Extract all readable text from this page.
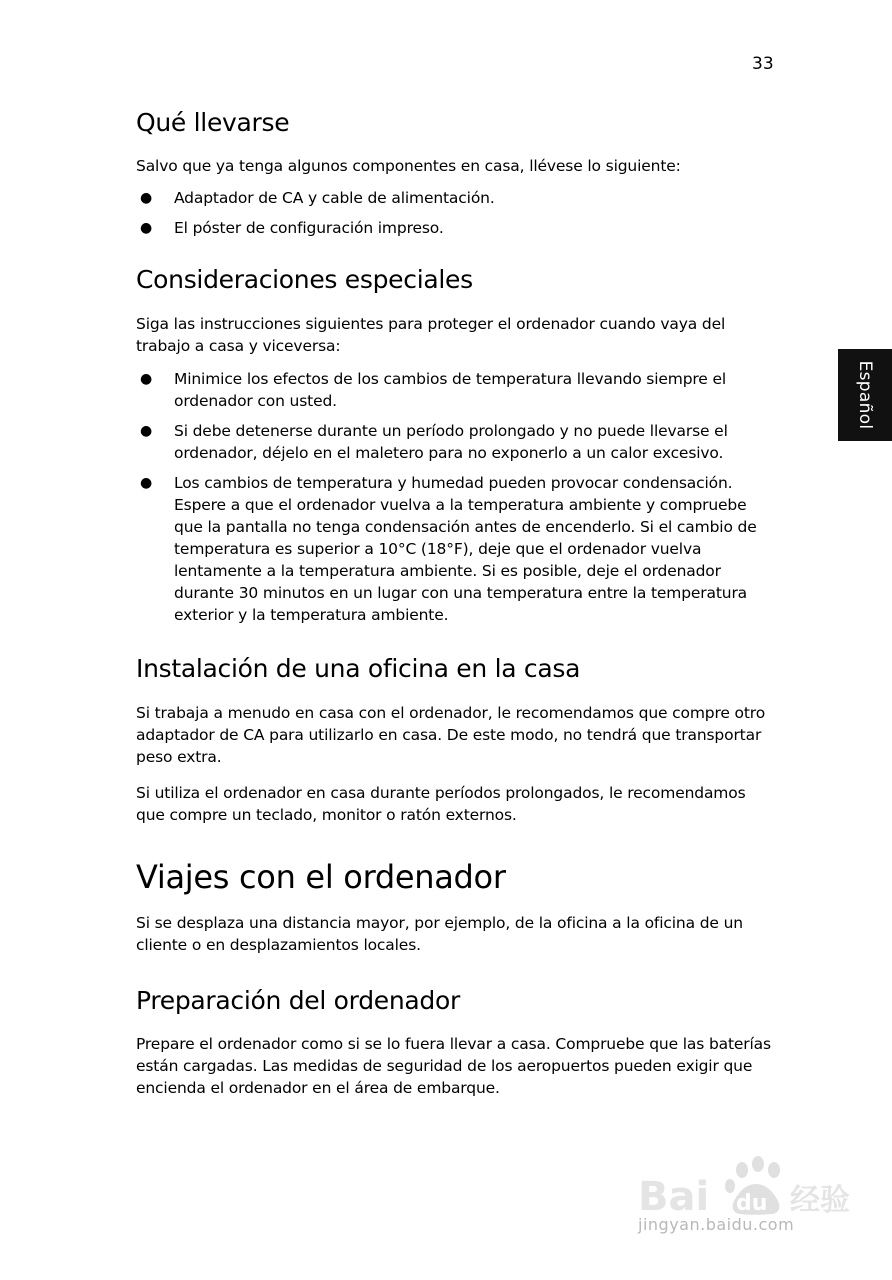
33
Español
Qué llevarse

Salvo que ya tenga algunos componentes en casa, llévese lo siguiente:

● Adaptador de CA y cable de alimentación.
● El póster de configuración impreso.
Consideraciones especiales

Siga las instrucciones siguientes para proteger el ordenador cuando vaya del trabajo a casa y viceversa:

● Minimice los efectos de los cambios de temperatura llevando siempre el ordenador con usted.
● Si debe detenerse durante un período prolongado y no puede llevarse el ordenador, déjelo en el maletero para no exponerlo a un calor excesivo.
● Los cambios de temperatura y humedad pueden provocar condensación. Espere a que el ordenador vuelva a la temperatura ambiente y compruebe que la pantalla no tenga condensación antes de encenderlo. Si el cambio de temperatura es superior a 10°C (18°F), deje que el ordenador vuelva lentamente a la temperatura ambiente. Si es posible, deje el ordenador durante 30 minutos en un lugar con una temperatura entre la temperatura exterior y la temperatura ambiente.
Instalación de una oficina en la casa

Si trabaja a menudo en casa con el ordenador, le recomendamos que compre otro adaptador de CA para utilizarlo en casa. De este modo, no tendrá que transportar peso extra.

Si utiliza el ordenador en casa durante períodos prolongados, le recomendamos que compre un teclado, monitor o ratón externos.

Viajes con el ordenador

Si se desplaza una distancia mayor, por ejemplo, de la oficina a la oficina de un cliente o en desplazamientos locales.

Preparación del ordenador

Prepare el ordenador como si se lo fuera llevar a casa. Compruebe que las baterías están cargadas. Las medidas de seguridad de los aeropuertos pueden exigir que encienda el ordenador en el área de embarque.

Bai	经验
du
jingyan.baidu.com
